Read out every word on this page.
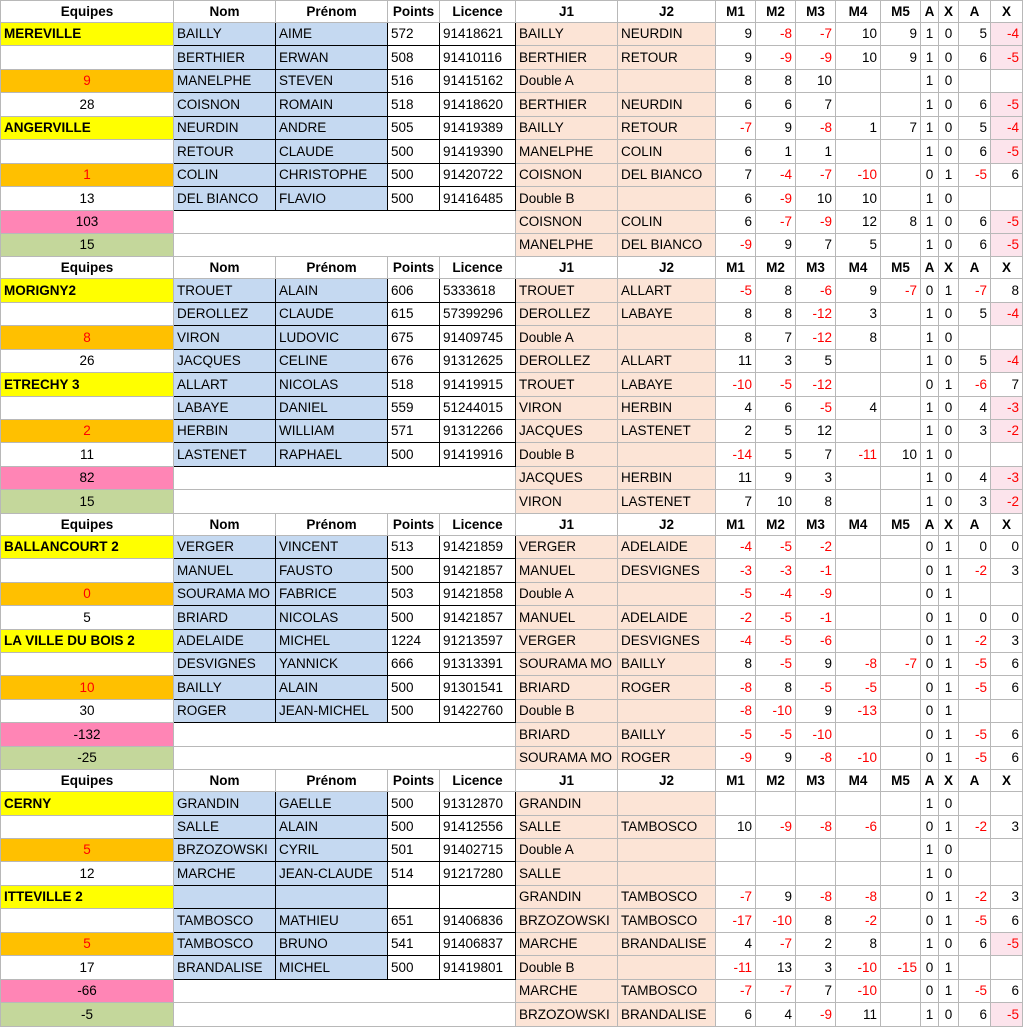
Equipes	Nom	Prénom	Points	Licence	J1	J2	M1	M2	M3	M4	M5	A	X	A	X
MEREVILLE	BAILLY	AIME	572	91418621	BAILLY	NEURDIN	9	-8	-7	10	9	1	0	5	-4
	BERTHIER	ERWAN	508	91410116	BERTHIER	RETOUR	9	-9	-9	10	9	1	0	6	-5
9	MANELPHE	STEVEN	516	91415162	Double A		8	8	10			1	0		
28	COISNON	ROMAIN	518	91418620	BERTHIER	NEURDIN	6	6	7			1	0	6	-5
ANGERVILLE	NEURDIN	ANDRE	505	91419389	BAILLY	RETOUR	-7	9	-8	1	7	1	0	5	-4
	RETOUR	CLAUDE	500	91419390	MANELPHE	COLIN	6	1	1			1	0	6	-5
1	COLIN	CHRISTOPHE	500	91420722	COISNON	DEL BIANCO	7	-4	-7	-10		0	1	-5	6
13	DEL BIANCO	FLAVIO	500	91416485	Double B		6	-9	10	10		1	0		
103					COISNON	COLIN	6	-7	-9	12	8	1	0	6	-5
15					MANELPHE	DEL BIANCO	-9	9	7	5		1	0	6	-5
Equipes	Nom	Prénom	Points	Licence	J1	J2	M1	M2	M3	M4	M5	A	X	A	X
MORIGNY2	TROUET	ALAIN	606	5333618	TROUET	ALLART	-5	8	-6	9	-7	0	1	-7	8
	DEROLLEZ	CLAUDE	615	57399296	DEROLLEZ	LABAYE	8	8	-12	3		1	0	5	-4
8	VIRON	LUDOVIC	675	91409745	Double A		8	7	-12	8		1	0		
26	JACQUES	CELINE	676	91312625	DEROLLEZ	ALLART	11	3	5			1	0	5	-4
ETRECHY 3	ALLART	NICOLAS	518	91419915	TROUET	LABAYE	-10	-5	-12			0	1	-6	7
	LABAYE	DANIEL	559	51244015	VIRON	HERBIN	4	6	-5	4		1	0	4	-3
2	HERBIN	WILLIAM	571	91312266	JACQUES	LASTENET	2	5	12			1	0	3	-2
11	LASTENET	RAPHAEL	500	91419916	Double B		-14	5	7	-11	10	1	0		
82					JACQUES	HERBIN	11	9	3			1	0	4	-3
15					VIRON	LASTENET	7	10	8			1	0	3	-2
Equipes	Nom	Prénom	Points	Licence	J1	J2	M1	M2	M3	M4	M5	A	X	A	X
BALLANCOURT 2	VERGER	VINCENT	513	91421859	VERGER	ADELAIDE	-4	-5	-2			0	1	0	0
	MANUEL	FAUSTO	500	91421857	MANUEL	DESVIGNES	-3	-3	-1			0	1	-2	3
0	SOURAMA MO	FABRICE	503	91421858	Double A		-5	-4	-9			0	1		
5	BRIARD	NICOLAS	500	91421857	MANUEL	ADELAIDE	-2	-5	-1			0	1	0	0
LA VILLE DU BOIS 2	ADELAIDE	MICHEL	1224	91213597	VERGER	DESVIGNES	-4	-5	-6			0	1	-2	3
	DESVIGNES	YANNICK	666	91313391	SOURAMA MO	BAILLY	8	-5	9	-8	-7	0	1	-5	6
10	BAILLY	ALAIN	500	91301541	BRIARD	ROGER	-8	8	-5	-5		0	1	-5	6
30	ROGER	JEAN-MICHEL	500	91422760	Double B		-8	-10	9	-13		0	1		
-132					BRIARD	BAILLY	-5	-5	-10			0	1	-5	6
-25					SOURAMA MO	ROGER	-9	9	-8	-10		0	1	-5	6
Equipes	Nom	Prénom	Points	Licence	J1	J2	M1	M2	M3	M4	M5	A	X	A	X
CERNY	GRANDIN	GAELLE	500	91312870	GRANDIN							1	0		
	SALLE	ALAIN	500	91412556	SALLE	TAMBOSCO	10	-9	-8	-6		0	1	-2	3
5	BRZOZOWSKI	CYRIL	501	91402715	Double A							1	0		
12	MARCHE	JEAN-CLAUDE	514	91217280	SALLE							1	0		
ITTEVILLE 2					GRANDIN	TAMBOSCO	-7	9	-8	-8		0	1	-2	3
	TAMBOSCO	MATHIEU	651	91406836	BRZOZOWSKI	TAMBOSCO	-17	-10	8	-2		0	1	-5	6
5	TAMBOSCO	BRUNO	541	91406837	MARCHE	BRANDALISE	4	-7	2	8		1	0	6	-5
17	BRANDALISE	MICHEL	500	91419801	Double B		-11	13	3	-10	-15	0	1		
-66					MARCHE	TAMBOSCO	-7	-7	7	-10		0	1	-5	6
-5					BRZOZOWSKI	BRANDALISE	6	4	-9	11		1	0	6	-5
